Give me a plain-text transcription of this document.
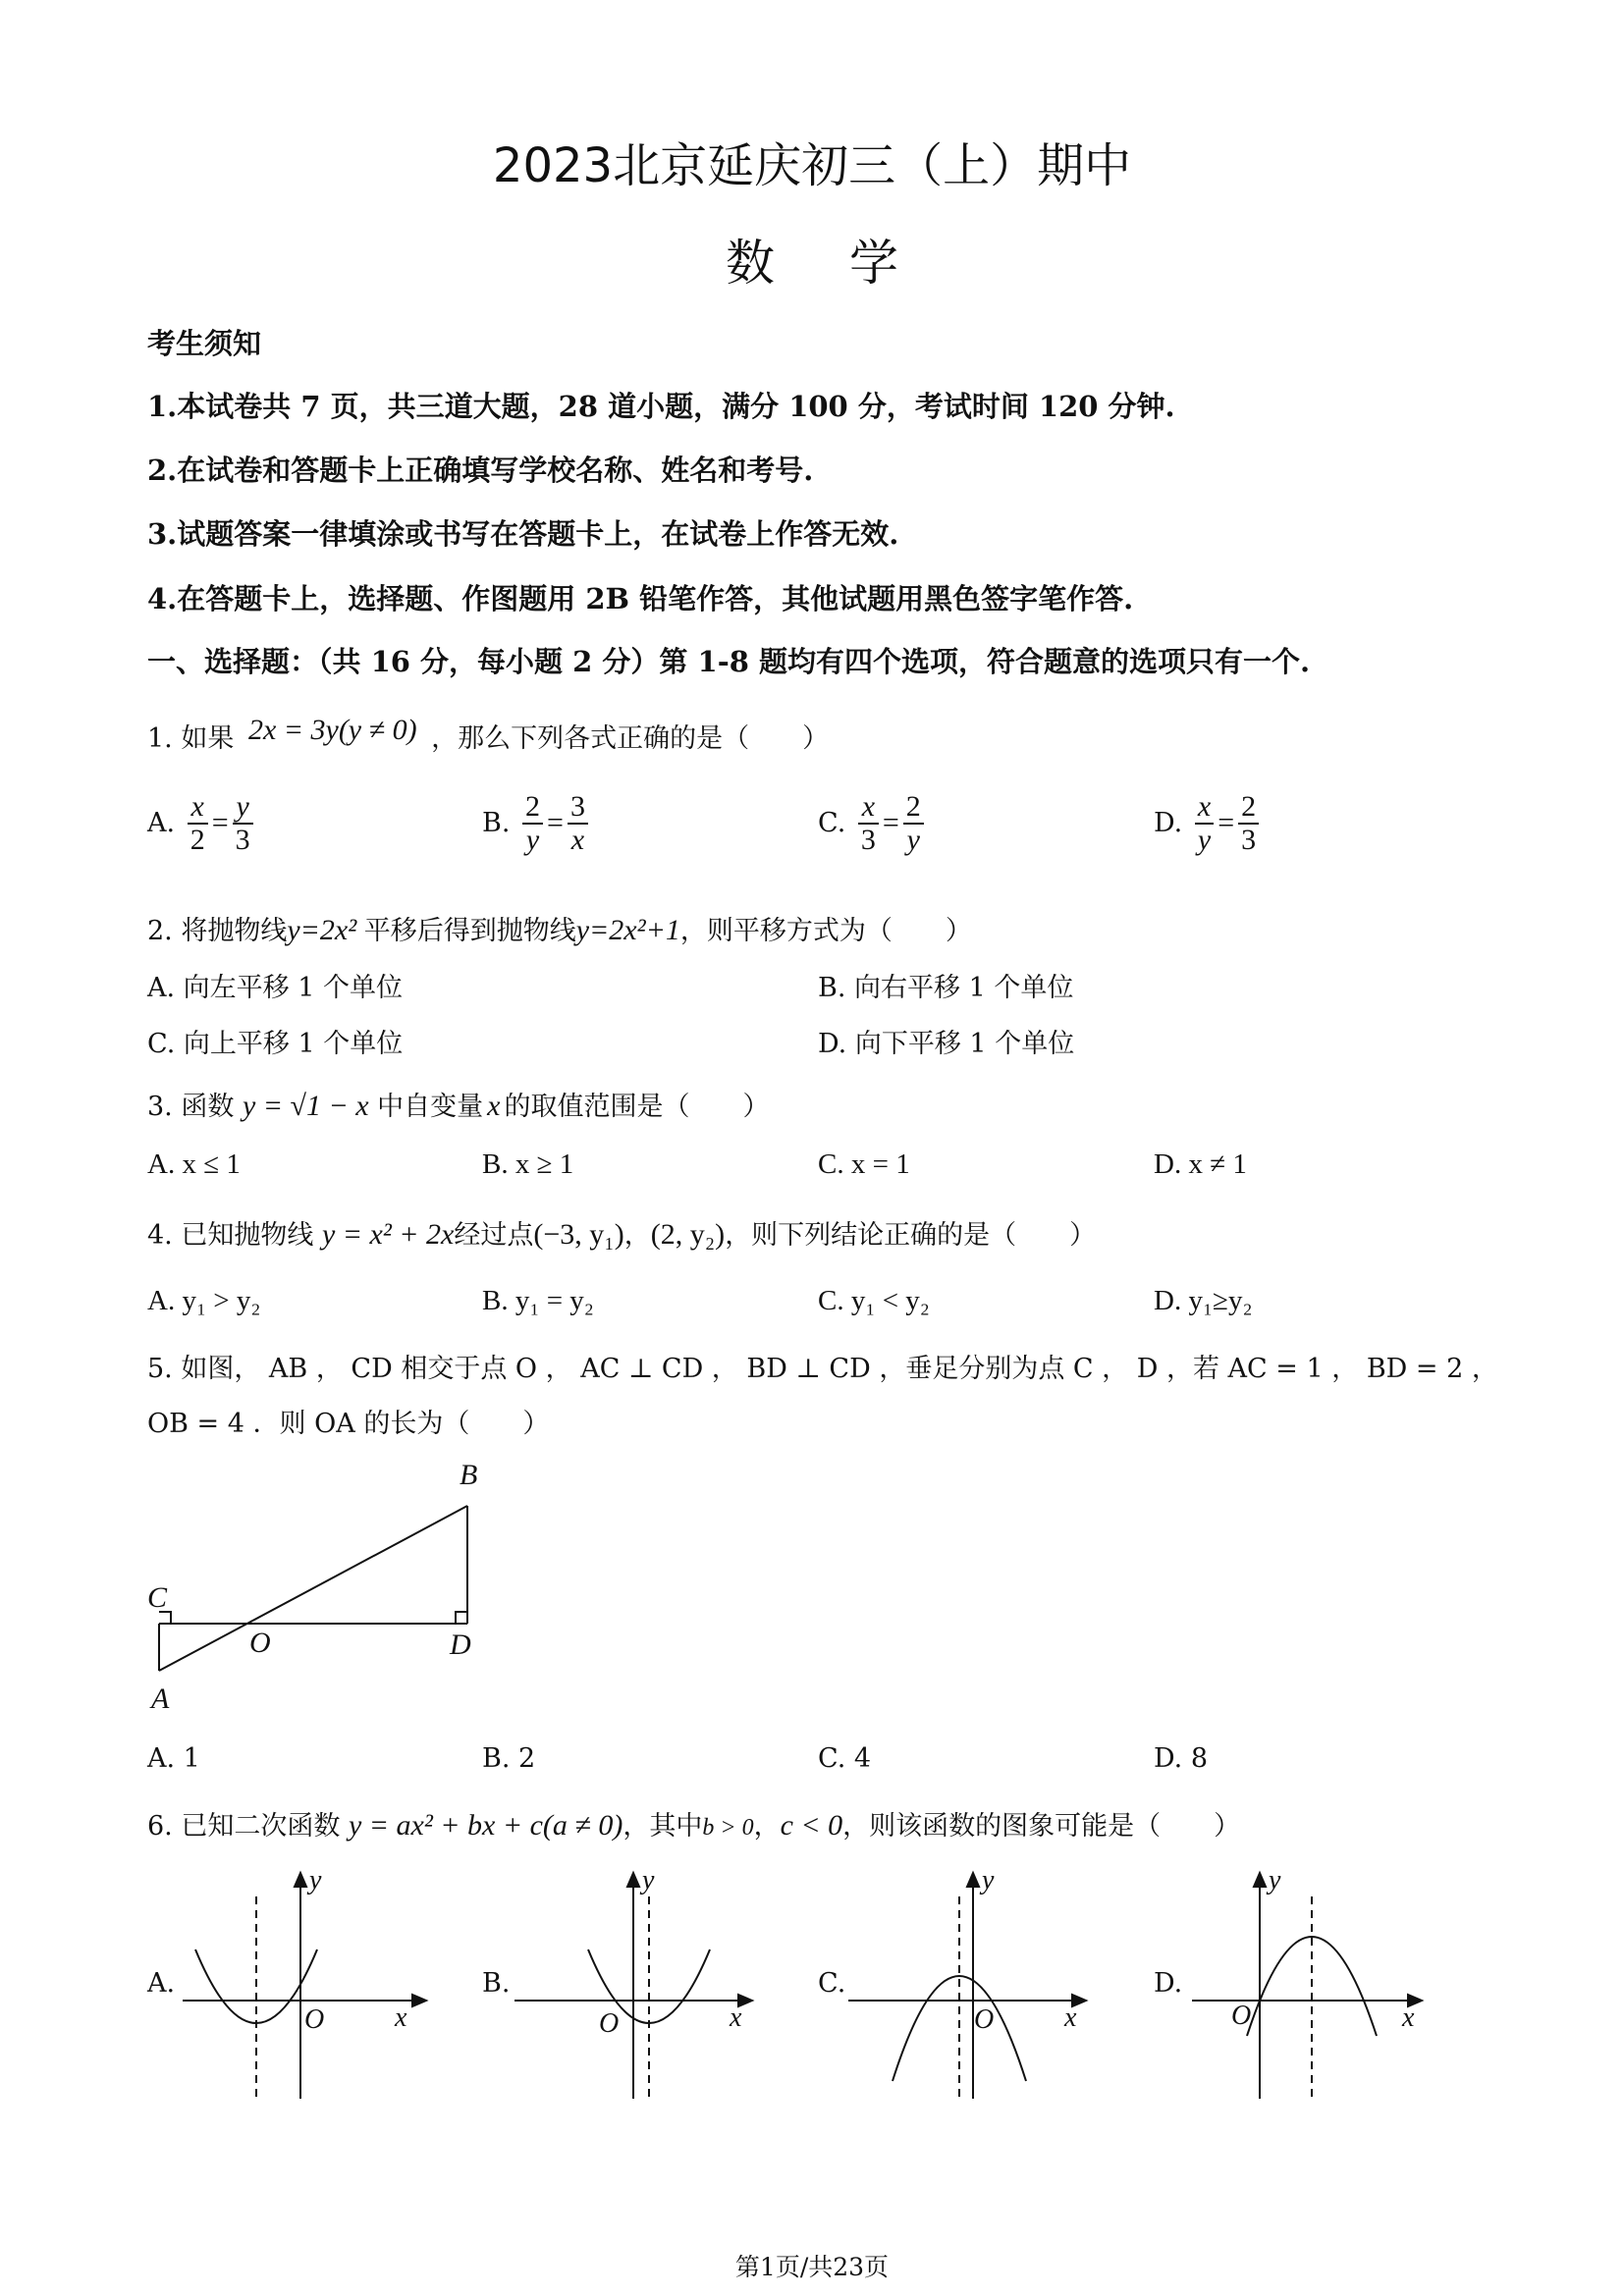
2023北京延庆初三（上）期中
数 学
考生须知
1.本试卷共 7 页，共三道大题，28 道小题，满分 100 分，考试时间 120 分钟.
2.在试卷和答题卡上正确填写学校名称、姓名和考号.
3.试题答案一律填涂或书写在答题卡上，在试卷上作答无效.
4.在答题卡上，选择题、作图题用 2B 铅笔作答，其他试题用黑色签字笔作答.
一、选择题：（共 16 分，每小题 2 分）第 1-8 题均有四个选项，符合题意的选项只有一个.
1. 如果 2x = 3y(y ≠ 0) ，那么下列各式正确的是（　　）
A. $\frac{x}{2} = \frac{y}{3}$	B. $\frac{2}{y} = \frac{3}{x}$	C. $\frac{x}{3} = \frac{2}{y}$	D. $\frac{x}{y} = \frac{2}{3}$
2. 将抛物线y=2x² 平移后得到抛物线y=2x²+1，则平移方式为（　　）
A. 向左平移 1 个单位	B. 向右平移 1 个单位
C. 向上平移 1 个单位	D. 向下平移 1 个单位
3. 函数 y = √1 − x 中自变量 x 的取值范围是（　　）
A. x ≤ 1	B. x ≥ 1	C. x = 1	D. x ≠ 1
4. 已知抛物线 y = x² + 2x经过点(−3, y₁)，(2, y₂)，则下列结论正确的是（　　）
A. y₁ > y₂	B. y₁ = y₂	C. y₁ < y₂	D. y₁≥y₂
5. 如图， AB ， CD 相交于点 O ， AC ⊥ CD ， BD ⊥ CD ，垂足分别为点 C ， D ，若 AC = 1 ， BD = 2 ，
OB = 4 ．则 OA 的长为（　　）
B
C
O	D
A
A. 1	B. 2	C. 4	D. 8
6. 已知二次函数 y = ax² + bx + c(a ≠ 0)，其中b > 0，c < 0，则该函数的图象可能是（　　）
A.
y
x
O
B.
y
x
O
C.
y
x
O
D.
y
x
O
第1页/共23页
